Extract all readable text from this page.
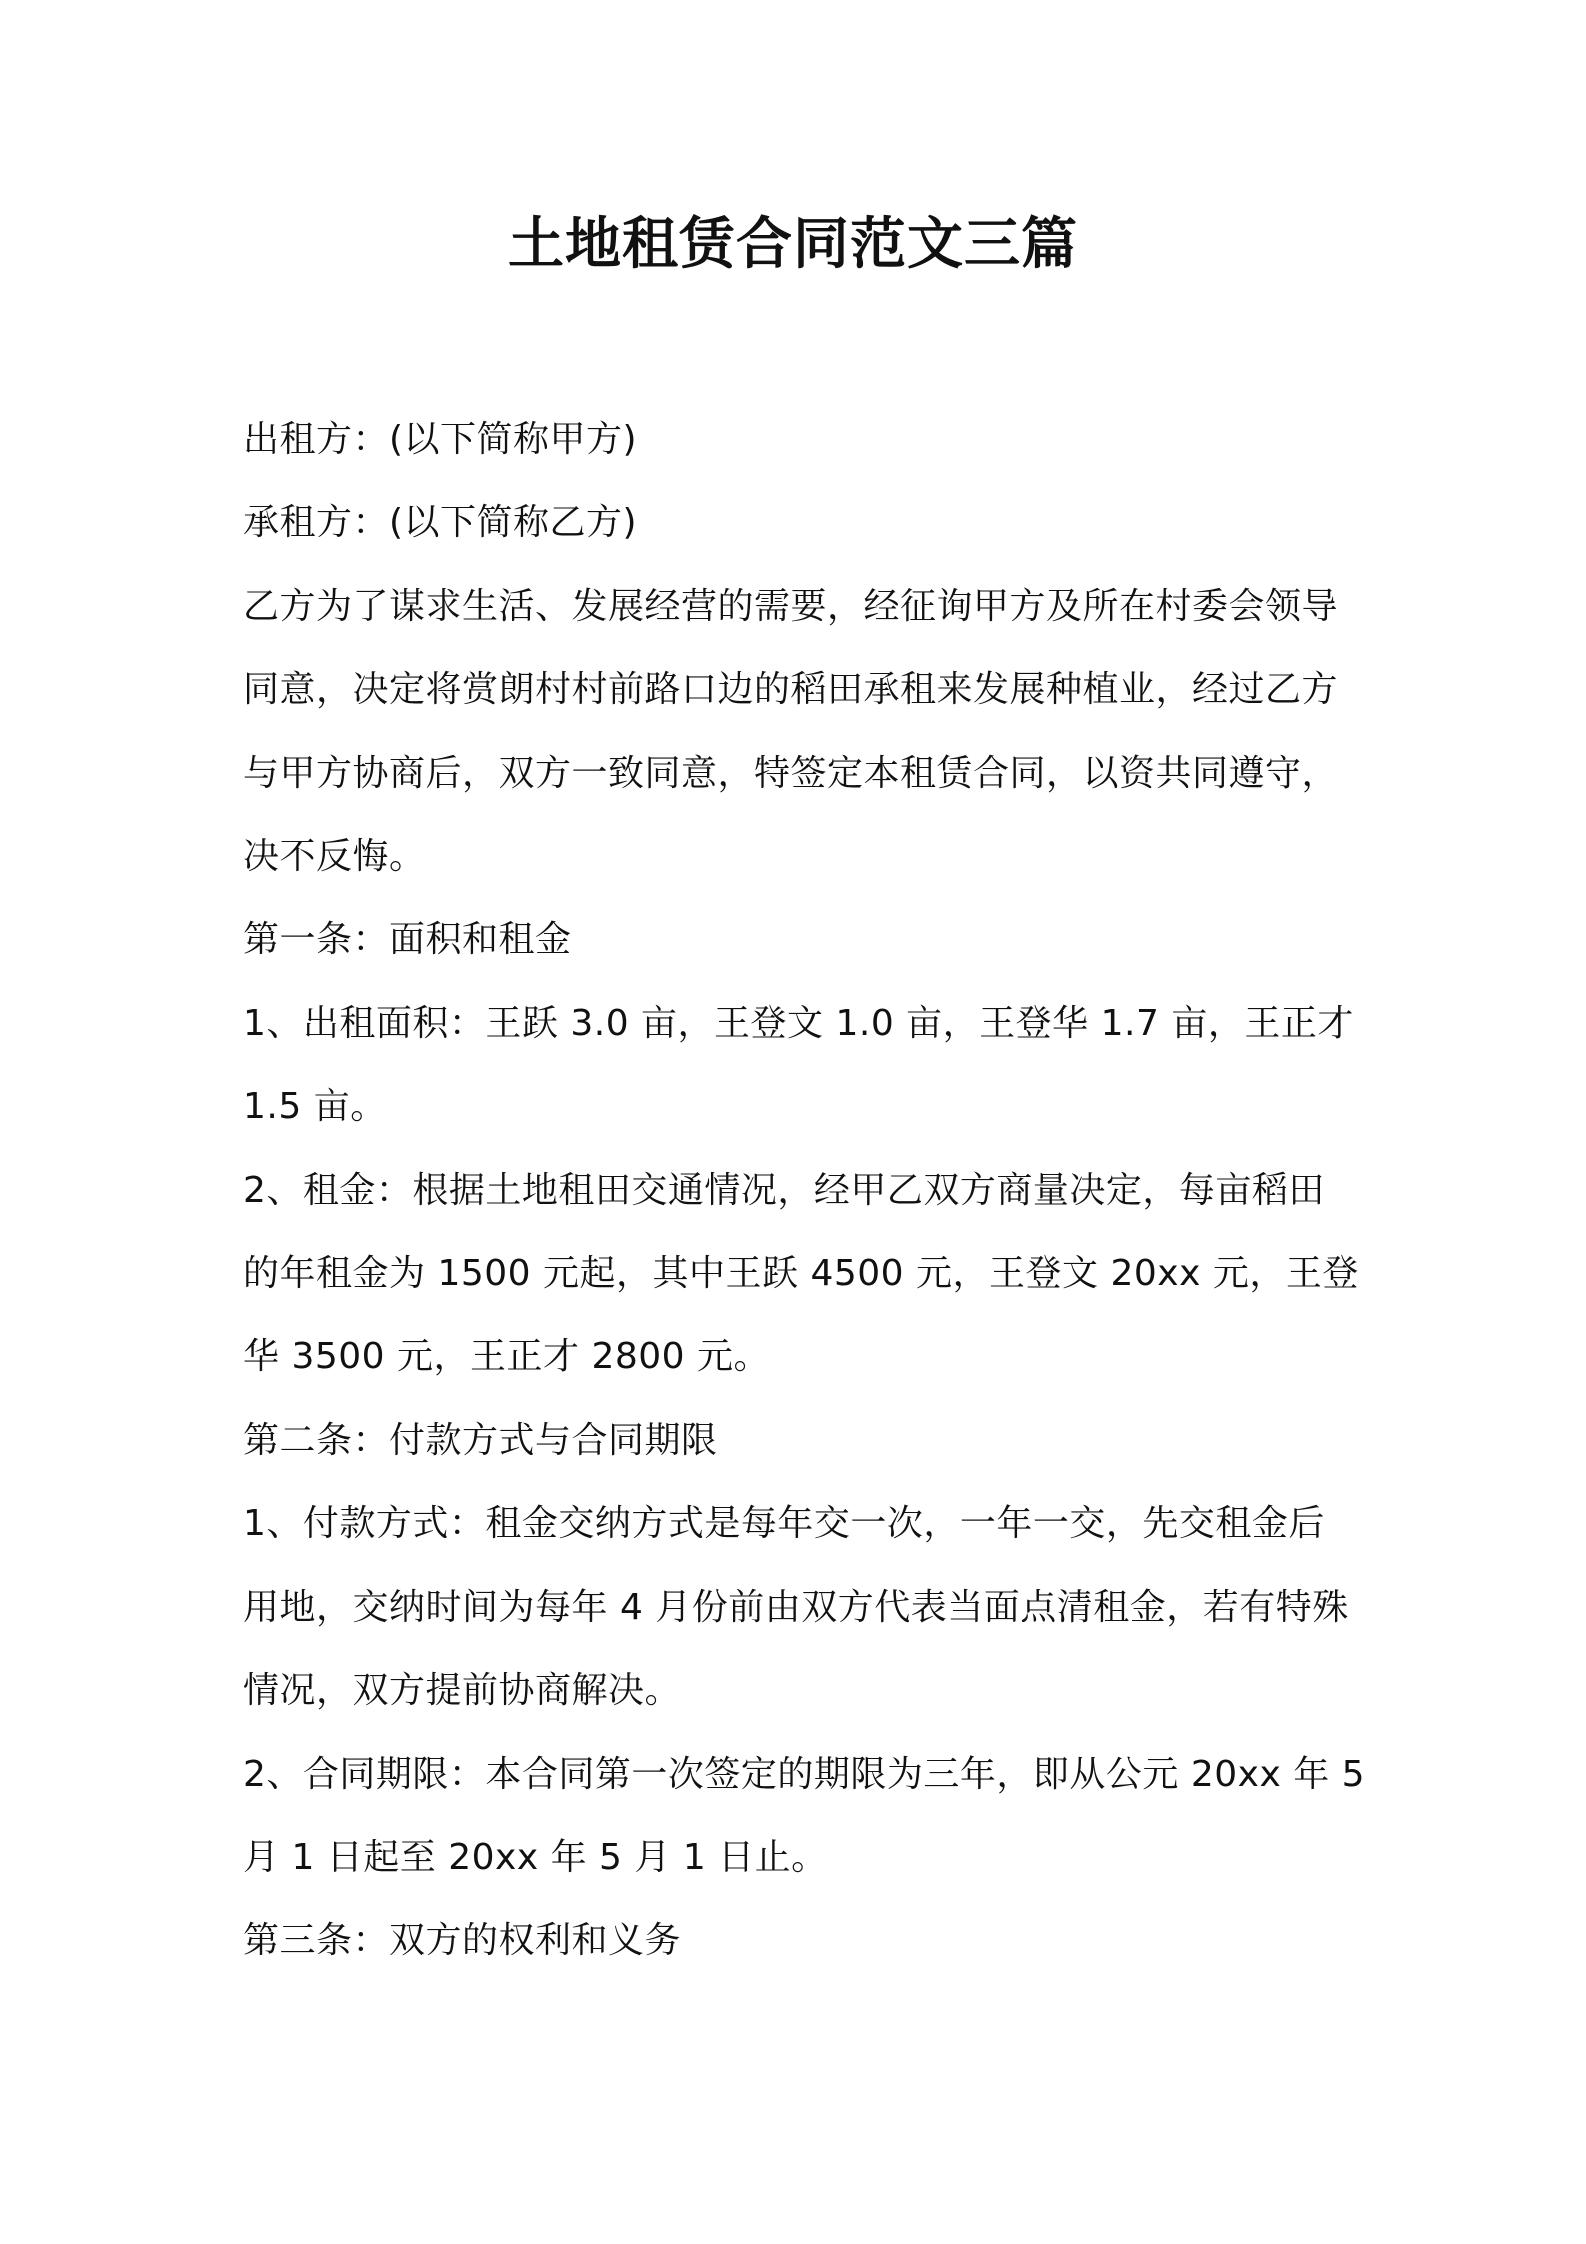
土地租赁合同范文三篇

出租方：(以下简称甲方)

承租方：(以下简称乙方)

乙方为了谋求生活、发展经营的需要，经征询甲方及所在村委会领导
同意，决定将赏朗村村前路口边的稻田承租来发展种植业，经过乙方
与甲方协商后，双方一致同意，特签定本租赁合同，以资共同遵守，
决不反悔。

第一条：面积和租金

1、出租面积：王跃 3.0 亩，王登文 1.0 亩，王登华 1.7 亩，王正才
1.5 亩。

2、租金：根据土地租田交通情况，经甲乙双方商量决定，每亩稻田
的年租金为 1500 元起，其中王跃 4500 元，王登文 20xx 元，王登
华 3500 元，王正才 2800 元。

第二条：付款方式与合同期限

1、付款方式：租金交纳方式是每年交一次，一年一交，先交租金后
用地，交纳时间为每年 4 月份前由双方代表当面点清租金，若有特殊
情况，双方提前协商解决。

2、合同期限：本合同第一次签定的期限为三年，即从公元 20xx 年 5
月 1 日起至 20xx 年 5 月 1 日止。

第三条：双方的权利和义务
